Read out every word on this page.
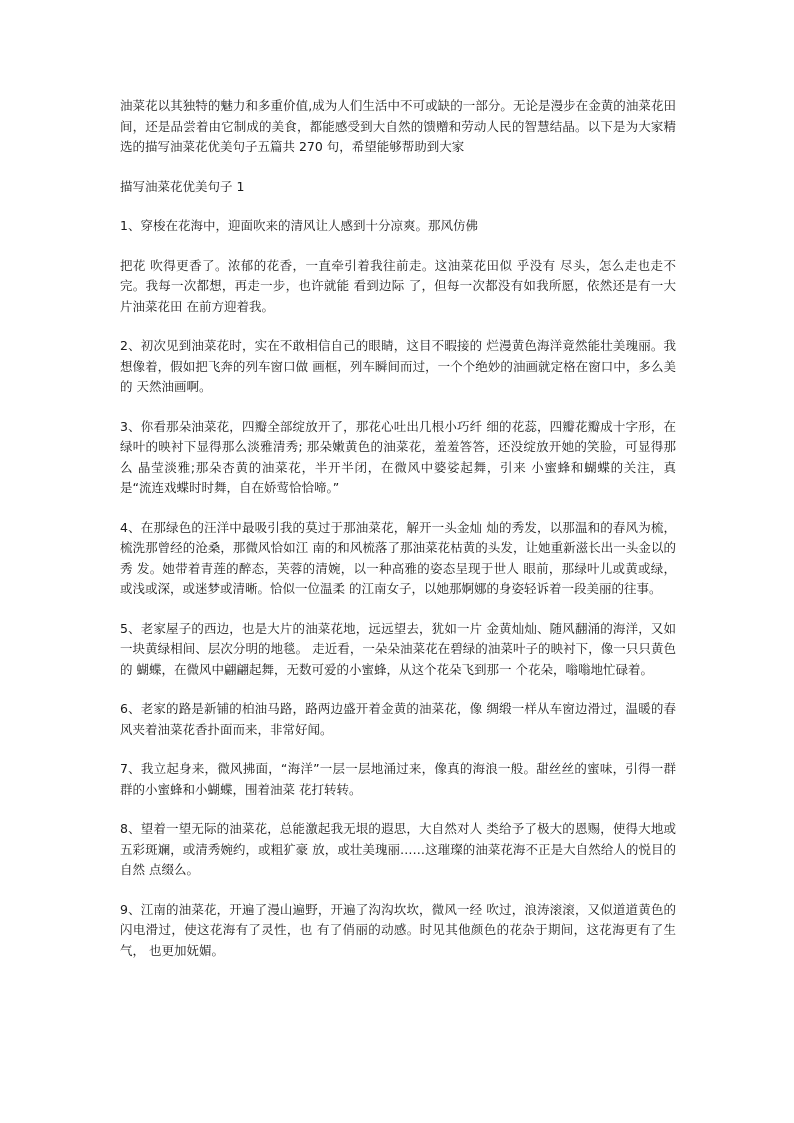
油菜花以其独特的魅力和多重价值,成为人们生活中不可或缺的一部分。无论是漫步在金黄的油菜花田间，还是品尝着由它制成的美食，都能感受到大自然的馈赠和劳动人民的智慧结晶。以下是为大家精选的描写油菜花优美句子五篇共 270 句，希望能够帮助到大家

描写油菜花优美句子 1

1、穿梭在花海中，迎面吹来的清风让人感到十分凉爽。那风仿佛

把花 吹得更香了。浓郁的花香，一直牵引着我往前走。这油菜花田似 乎没有 尽头，怎么走也走不完。我每一次都想，再走一步，也许就能 看到边际 了，但每一次都没有如我所愿，依然还是有一大片油菜花田 在前方迎着我。

2、初次见到油菜花时，实在不敢相信自己的眼睛，这目不暇接的 烂漫黄色海洋竟然能壮美瑰丽。我想像着，假如把飞奔的列车窗口做 画框，列车瞬间而过，一个个绝妙的油画就定格在窗口中，多么美的 天然油画啊。

3、你看那朵油菜花，四瓣全部绽放开了，那花心吐出几根小巧纤 细的花蕊，四瓣花瓣成十字形，在绿叶的映衬下显得那么淡雅清秀; 那朵嫩黄色的油菜花，羞羞答答，还没绽放开她的笑脸，可显得那么 晶莹淡雅;那朵杏黄的油菜花，半开半闭，在微风中婆娑起舞，引来 小蜜蜂和蝴蝶的关注，真是“流连戏蝶时时舞，自在娇莺恰恰啼。”

4、在那绿色的汪洋中最吸引我的莫过于那油菜花，解开一头金灿 灿的秀发，以那温和的春风为梳，梳洗那曾经的沧桑，那微风恰如江 南的和风梳落了那油菜花枯黄的头发，让她重新滋长出一头金以的秀 发。她带着青莲的醉态，芙蓉的清婉，以一种高雅的姿态呈现于世人 眼前，那绿叶儿或黄或绿，或浅或深，或迷梦或清晰。恰似一位温柔 的江南女子，以她那婀娜的身姿轻诉着一段美丽的往事。

5、老家屋子的西边，也是大片的油菜花地，远远望去，犹如一片 金黄灿灿、随风翻涌的海洋，又如一块黄绿相间、层次分明的地毯。 走近看，一朵朵油菜花在碧绿的油菜叶子的映衬下，像一只只黄色的 蝴蝶，在微风中翩翩起舞，无数可爱的小蜜蜂，从这个花朵飞到那一 个花朵，嗡嗡地忙碌着。

6、老家的路是新铺的柏油马路，路两边盛开着金黄的油菜花，像 绸缎一样从车窗边滑过，温暖的春风夹着油菜花香扑面而来，非常好闻。

7、我立起身来，微风拂面，“海洋”一层一层地涌过来，像真的海浪一般。甜丝丝的蜜味，引得一群群的小蜜蜂和小蝴蝶，围着油菜 花打转转。

8、望着一望无际的油菜花，总能激起我无垠的遐思，大自然对人 类给予了极大的恩赐，使得大地或五彩斑斓，或清秀婉约，或粗犷豪 放，或壮美瑰丽……这璀璨的油菜花海不正是大自然给人的悦目的自然 点缀么。

9、江南的油菜花，开遍了漫山遍野，开遍了沟沟坎坎，微风一经 吹过，浪涛滚滚，又似道道黄色的闪电滑过，使这花海有了灵性，也 有了俏丽的动感。时见其他颜色的花杂于期间，这花海更有了生气， 也更加妩媚。
